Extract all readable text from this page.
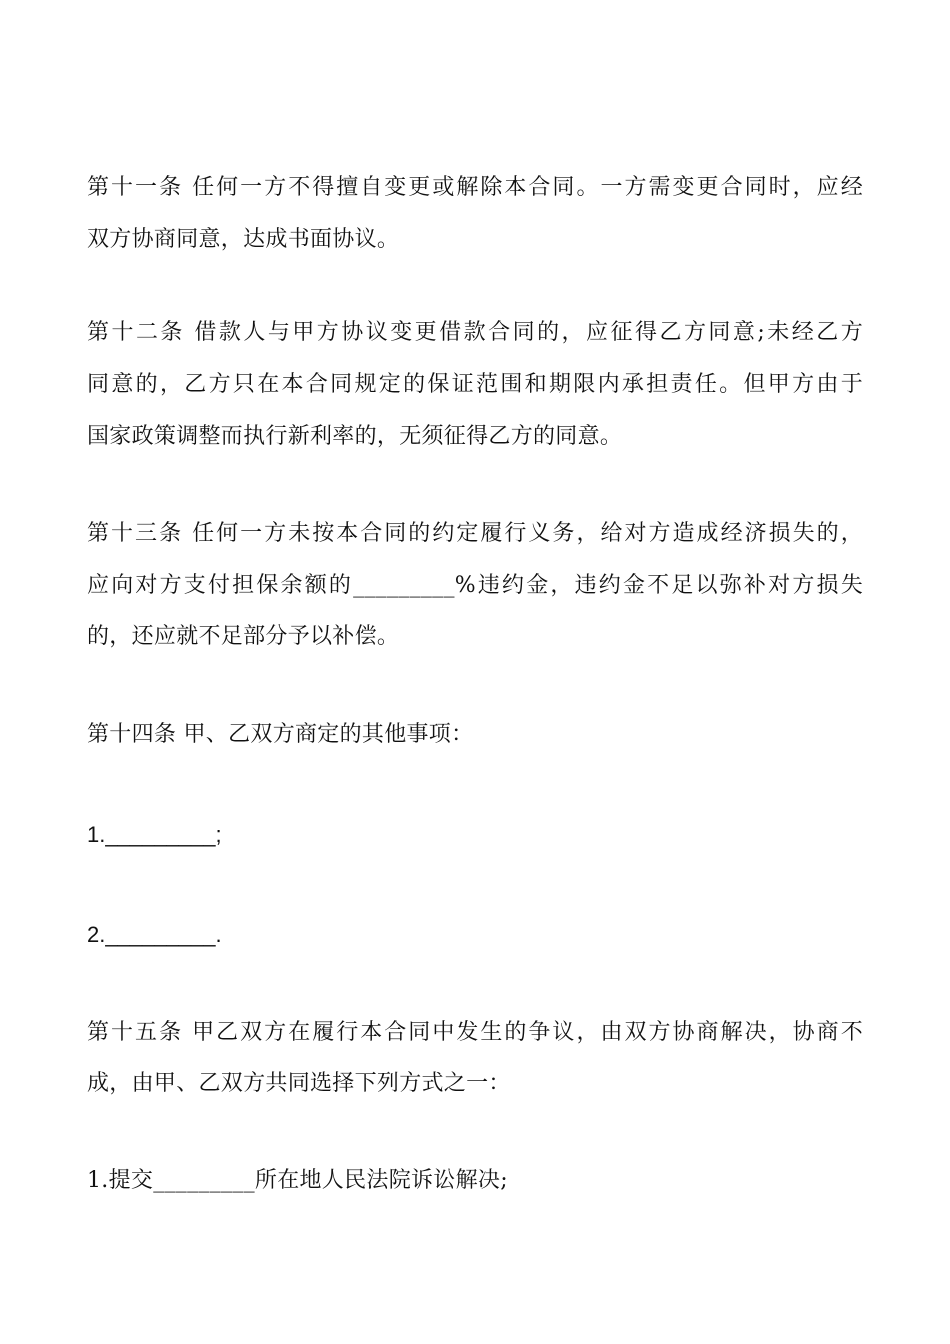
第十一条 任何一方不得擅自变更或解除本合同。一方需变更合同时，应经
双方协商同意，达成书面协议。
第十二条 借款人与甲方协议变更借款合同的，应征得乙方同意;未经乙方
同意的，乙方只在本合同规定的保证范围和期限内承担责任。但甲方由于
国家政策调整而执行新利率的，无须征得乙方的同意。
第十三条 任何一方未按本合同的约定履行义务，给对方造成经济损失的，
应向对方支付担保余额的_________%违约金，违约金不足以弥补对方损失
的，还应就不足部分予以补偿。
第十四条 甲、乙双方商定的其他事项：
1._________;
2._________.
第十五条 甲乙双方在履行本合同中发生的争议，由双方协商解决，协商不
成，由甲、乙双方共同选择下列方式之一：
1.提交_________所在地人民法院诉讼解决;
